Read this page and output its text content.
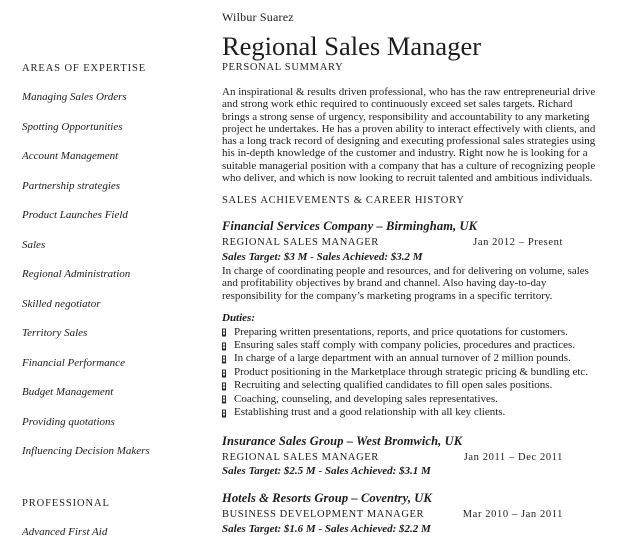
AREAS OF EXPERTISE
Managing Sales Orders
Spotting Opportunities
Account Management
Partnership strategies
Product Launches Field
Sales
Regional Administration
Skilled negotiator
Territory Sales
Financial Performance
Budget Management
Providing quotations
Influencing Decision Makers
PROFESSIONAL
Advanced First Aid
Wilbur Suarez
Regional Sales Manager
PERSONAL SUMMARY

An inspirational & results driven professional, who has the raw entrepreneurial drive and strong work ethic required to continuously exceed set sales targets. Richard brings a strong sense of urgency, responsibility and accountability to any marketing project he undertakes. He has a proven ability to interact effectively with clients, and has a long track record of designing and executing professional sales strategies using his in-depth knowledge of the customer and industry. Right now he is looking for a suitable managerial position with a company that has a culture of recognizing people who deliver, and which is now looking to recruit talented and ambitious individuals.

SALES ACHIEVEMENTS & CAREER HISTORY
Financial Services Company – Birmingham, UK
REGIONAL SALES MANAGER	Jan 2012 – Present
Sales Target: $3 M - Sales Achieved: $3.2 M

In charge of coordinating people and resources, and for delivering on volume, sales and profitability objectives by brand and channel. Also having day-to-day responsibility for the company’s marketing programs in a specific territory.

Duties:
Preparing written presentations, reports, and price quotations for customers.
Ensuring sales staff comply with company policies, procedures and practices.
In charge of a large department with an annual turnover of 2 million pounds.
Product positioning in the Marketplace through strategic pricing & bundling etc.
Recruiting and selecting qualified candidates to fill open sales positions.
Coaching, counseling, and developing sales representatives.
Establishing trust and a good relationship with all key clients.
Insurance Sales Group – West Bromwich, UK
REGIONAL SALES MANAGER	Jan 2011 – Dec 2011
Sales Target: $2.5 M - Sales Achieved: $3.1 M
Hotels & Resorts Group – Coventry, UK
BUSINESS DEVELOPMENT MANAGER	Mar 2010 – Jan 2011
Sales Target: $1.6 M - Sales Achieved: $2.2 M
